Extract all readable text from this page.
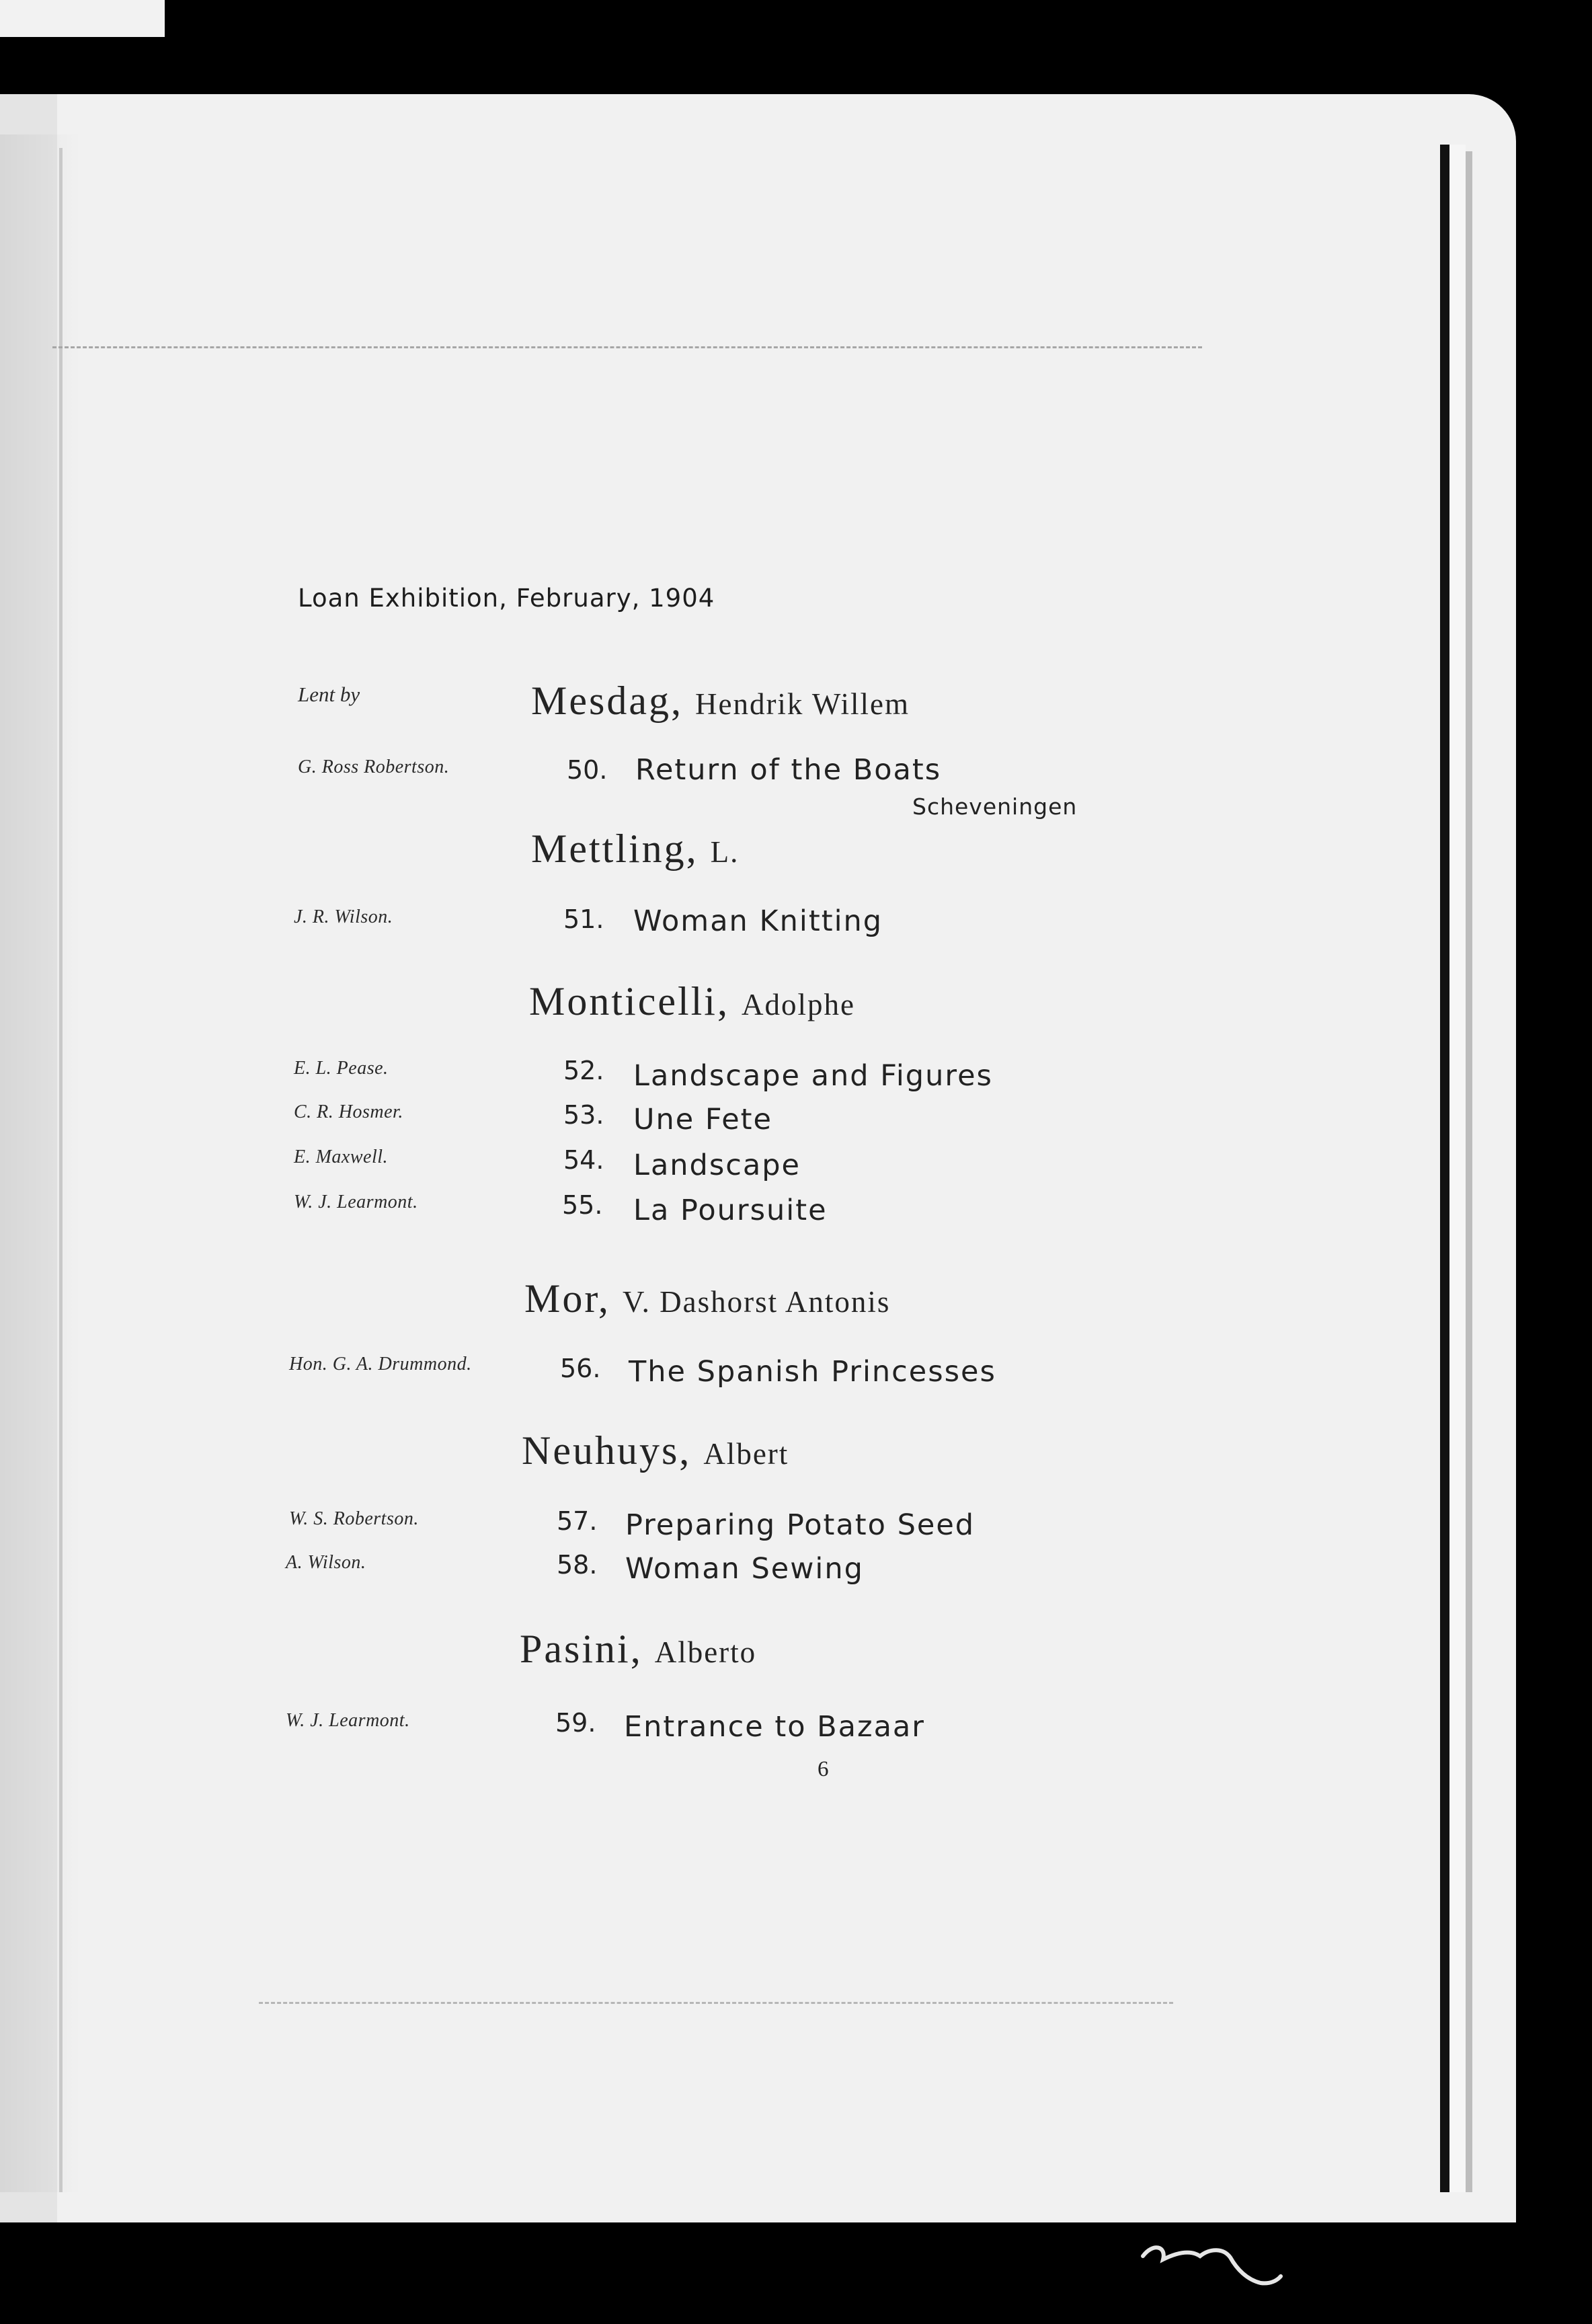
Loan Exhibition, February, 1904
Lent by	Mesdag, Hendrik Willem
G. Ross Robertson.	50. Return of the Boats
Scheveningen
Mettling, L.
J. R. Wilson.	51. Woman Knitting
Monticelli, Adolphe
E. L. Pease.	52. Landscape and Figures
C. R. Hosmer.	53. Une Fete
E. Maxwell.	54. Landscape
W. J. Learmont.	55. La Poursuite
Mor, V. Dashorst Antonis
Hon. G. A. Drummond.	56. The Spanish Princesses
Neuhuys, Albert
W. S. Robertson.	57. Preparing Potato Seed
A. Wilson.	58. Woman Sewing
Pasini, Alberto
W. J. Learmont.	59. Entrance to Bazaar
6
